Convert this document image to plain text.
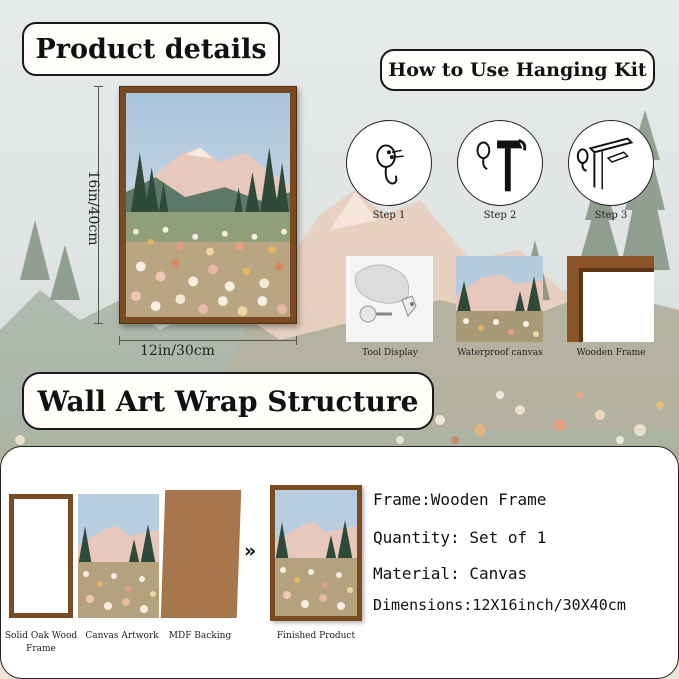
Product details
How to Use Hanging Kit
16in/40cm
12in/30cm
Step 1	Step 2	Step 3
Tool Display	Waterproof canvas	Wooden Frame
Wall Art Wrap Structure
Solid Oak Wood Frame
Canvas Artwork	MDF Backing
»
Finished Product
Frame:Wooden Frame
Quantity: Set of 1
Material: Canvas
Dimensions:12X16inch/30X40cm
